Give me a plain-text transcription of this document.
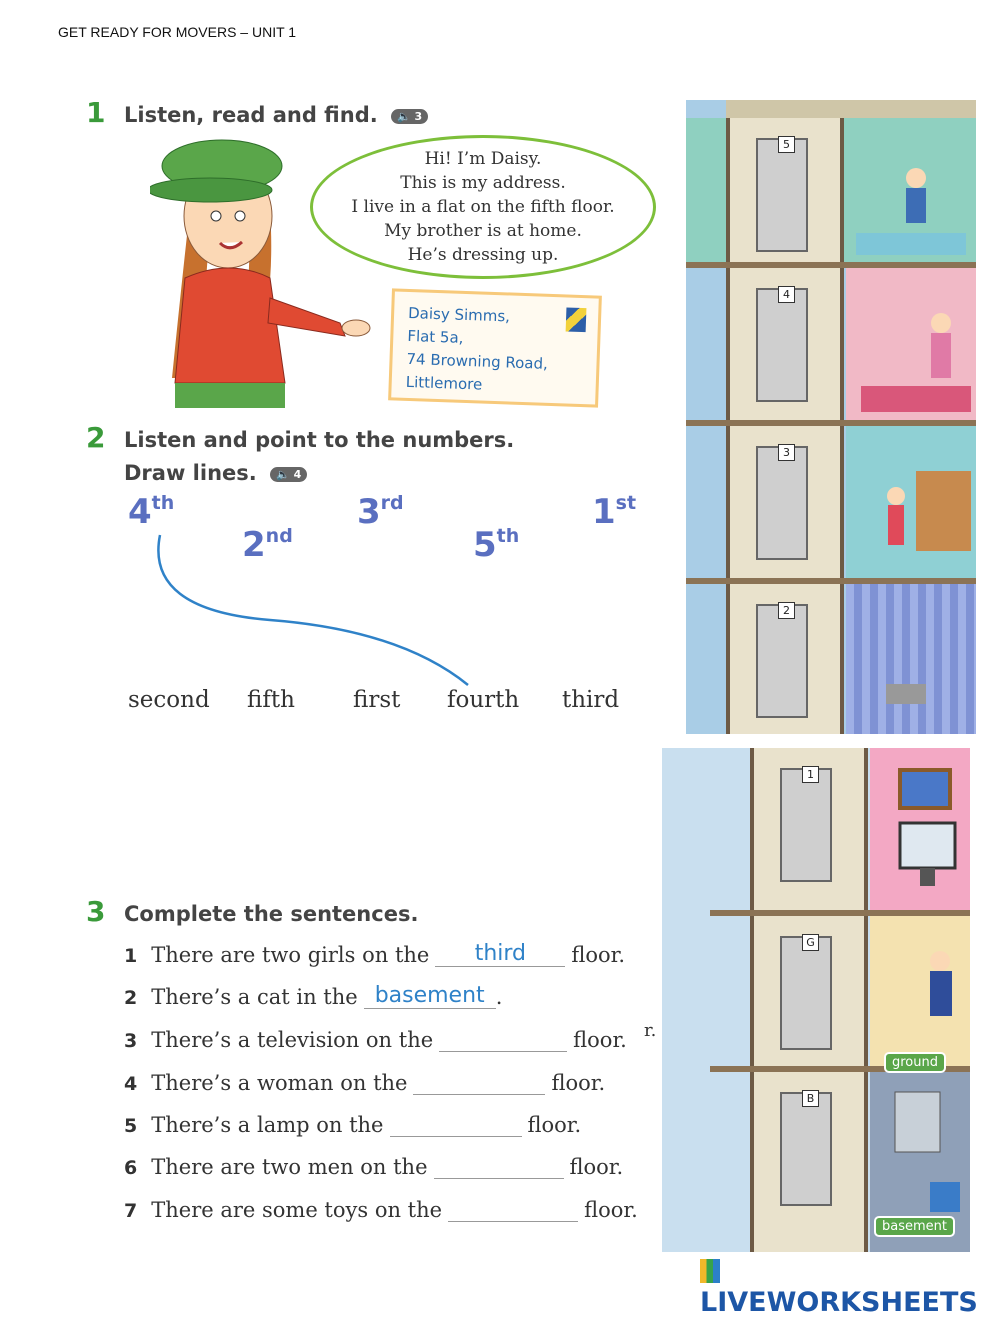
GET READY FOR MOVERS – UNIT 1
1 Listen, read and find. 🔈 3
Hi! I’m Daisy.
This is my address.
I live in a flat on the fifth floor.
My brother is at home.
He’s dressing up.
Daisy Simms,
Flat 5a,
74 Browning Road,
Littlemore
2 Listen and point to the numbers.
Draw lines. 🔈 4
4th
2nd
3rd
5th
1st
second fifth	first fourth third
3 Complete the sentences.
1 There are two girls on the	third	floor.
2 There’s a cat in the basement .
3 There’s a television on the	floor.
4 There’s a woman on the	floor.
5 There’s a lamp on the	floor.
6 There are two men on the	floor.
7 There are some toys on the	floor.
r.
5
4
3
2
1
G
B
ground
basement
LIVEWORKSHEETS
